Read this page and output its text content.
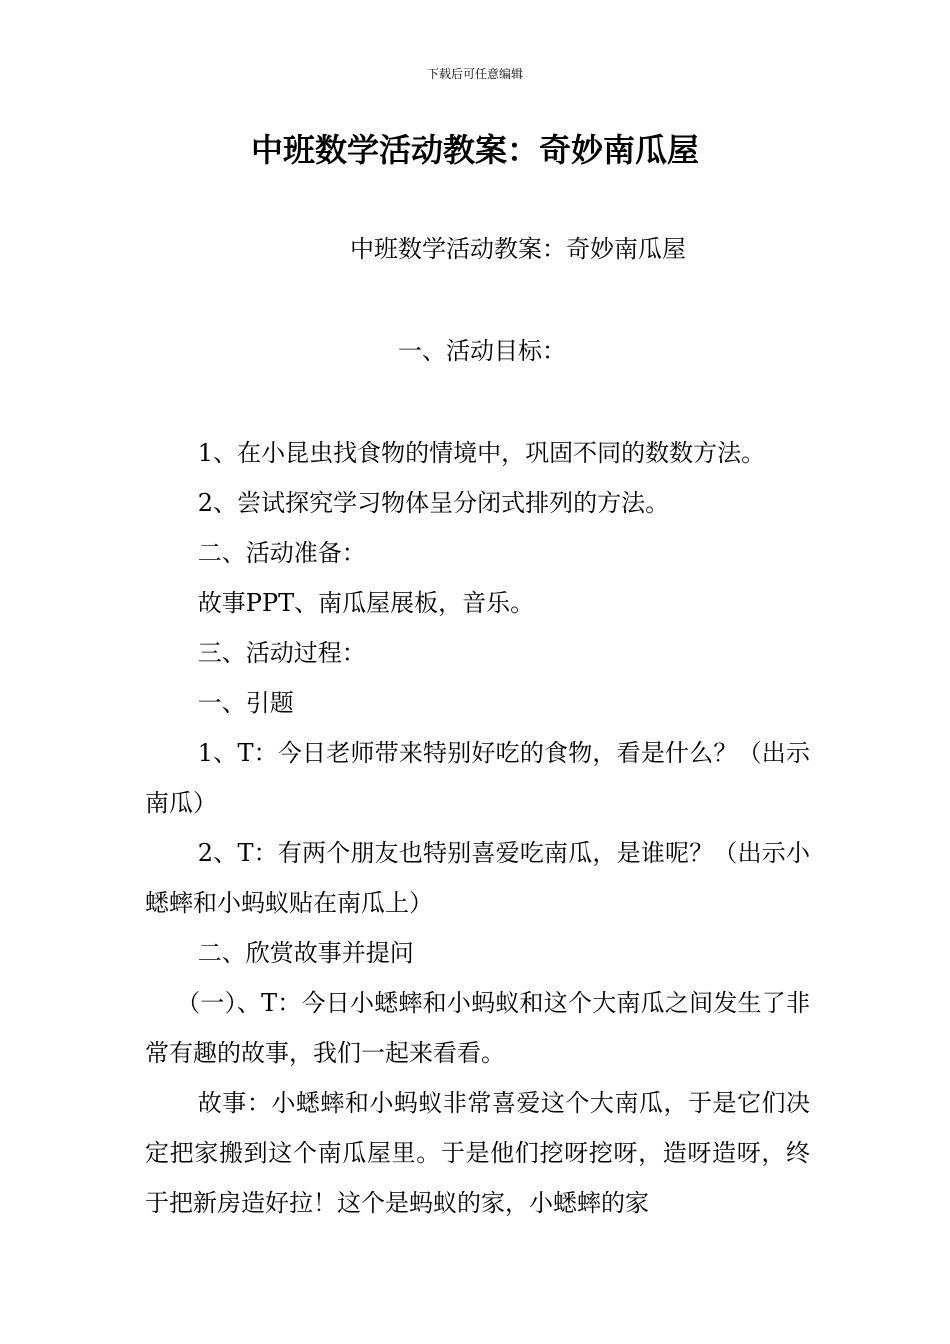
下载后可任意编辑
中班数学活动教案：奇妙南瓜屋
中班数学活动教案：奇妙南瓜屋
一、活动目标：

1、在小昆虫找食物的情境中，巩固不同的数数方法。

2、尝试探究学习物体呈分闭式排列的方法。

二、活动准备：

故事PPT、南瓜屋展板，音乐。

三、活动过程：

一、引题

1、T：今日老师带来特别好吃的食物，看是什么？（出示南瓜）

2、T：有两个朋友也特别喜爱吃南瓜，是谁呢？（出示小蟋蟀和小蚂蚁贴在南瓜上）

二、欣赏故事并提问

（一）、T：今日小蟋蟀和小蚂蚁和这个大南瓜之间发生了非常有趣的故事，我们一起来看看。

故事：小蟋蟀和小蚂蚁非常喜爱这个大南瓜，于是它们决定把家搬到这个南瓜屋里。于是他们挖呀挖呀，造呀造呀，终于把新房造好拉！这个是蚂蚁的家，小蟋蟀的家
